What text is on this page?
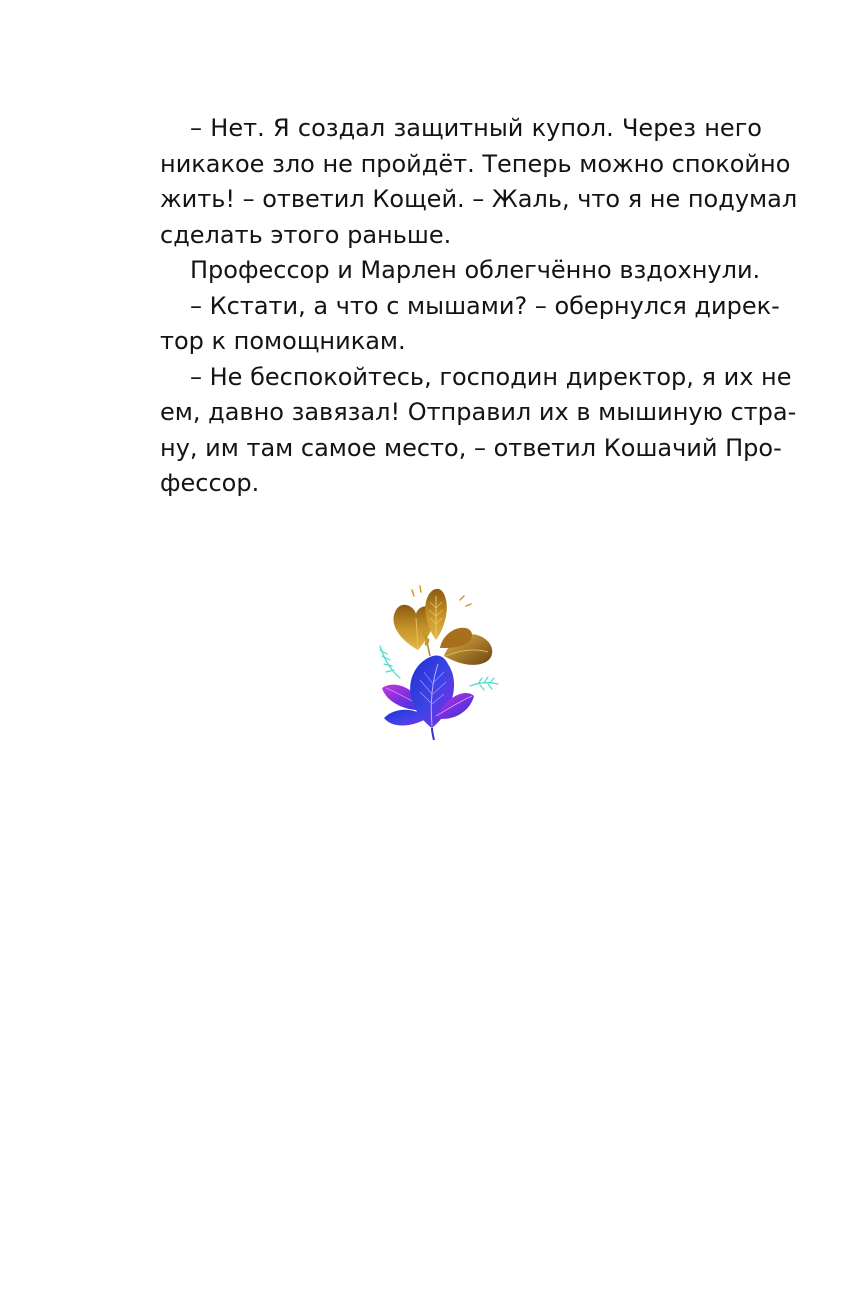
– Нет. Я создал защитный купол. Через него
никакое зло не пройдёт. Теперь можно спокойно
жить! – ответил Кощей. – Жаль, что я не подумал
сделать этого раньше.
Профессор и Марлен облегчённо вздохнули.
– Кстати, а что с мышами? – обернулся дирек-
тор к помощникам.
– Не беспокойтесь, господин директор, я их не
ем, давно завязал! Отправил их в мышиную стра-
ну, им там самое место, – ответил Кошачий Про-
фессор.
